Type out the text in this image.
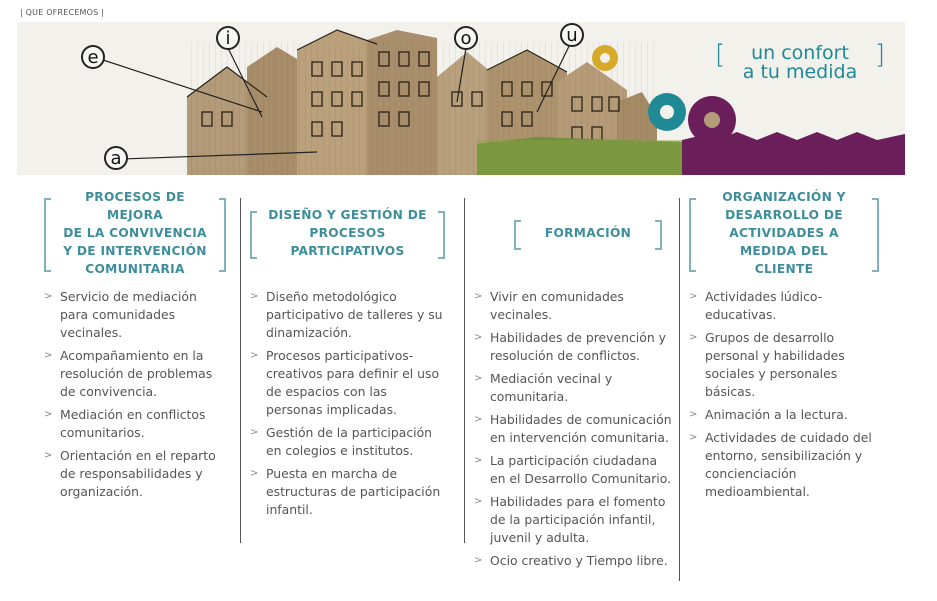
| QUE OFRECEMOS |
e
i	o	u
a
[	un confort
a tu medida
]
PROCESOS DE MEJORA
DE LA CONVIVENCIA
Y DE INTERVENCIÓN
COMUNITARIA
> Servicio de mediación para comunidades vecinales.
> Acompañamiento en la resolución de problemas de convivencia.
> Mediación en conflictos comunitarios.
> Orientación en el reparto de responsabilidades y organización.
DISEÑO Y GESTIÓN DE
PROCESOS PARTICIPATIVOS
> Diseño metodológico participativo de talleres y su dinamización.
> Procesos participativos-creativos para definir el uso de espacios con las personas implicadas.
> Gestión de la participación en colegios e institutos.
> Puesta en marcha de estructuras de participación infantil.
FORMACIÓN
> Vivir en comunidades vecinales.
> Habilidades de prevención y resolución de conflictos.
> Mediación vecinal y comunitaria.
> Habilidades de comunicación en intervención comunitaria.
> La participación ciudadana en el Desarrollo Comunitario.
> Habilidades para el fomento de la participación infantil, juvenil y adulta.
> Ocio creativo y Tiempo libre.
ORGANIZACIÓN Y
DESARROLLO DE
ACTIVIDADES A MEDIDA DEL
CLIENTE
> Actividades lúdico-educativas.
> Grupos de desarrollo personal y habilidades sociales y personales básicas.
> Animación a la lectura.
> Actividades de cuidado del entorno, sensibilización y concienciación medioambiental.
